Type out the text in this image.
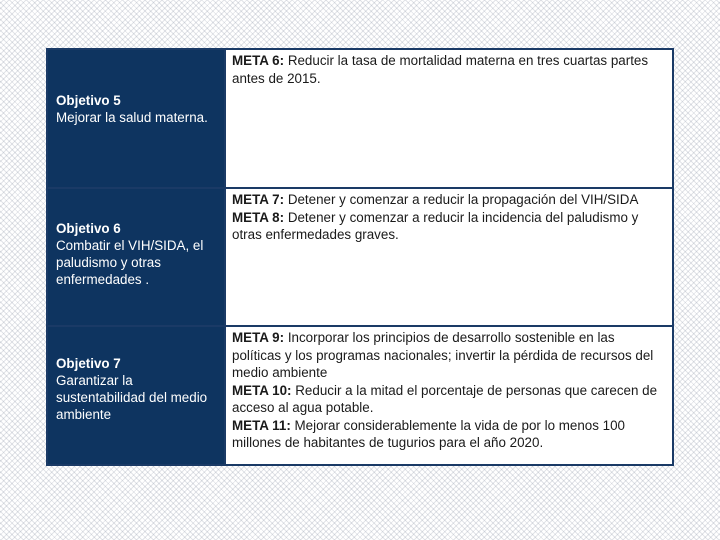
Objetivo 5
Mejorar la salud materna.

META 6: Reducir la tasa de mortalidad materna en tres cuartas partes antes de 2015.

Objetivo 6
Combatir el VIH/SIDA, el paludismo y otras enfermedades .

META 7: Detener y comenzar a reducir la propagación del VIH/SIDA

META 8: Detener y comenzar a reducir la incidencia del paludismo y otras enfermedades graves.

Objetivo 7
Garantizar la sustentabilidad del medio ambiente

META 9: Incorporar los principios de desarrollo sostenible en las políticas y los programas nacionales; invertir la pérdida de recursos del medio ambiente

META 10: Reducir a la mitad el porcentaje de personas que carecen de acceso al agua potable.

META 11: Mejorar considerablemente la vida de por lo menos 100 millones de habitantes de tugurios para el año 2020.
